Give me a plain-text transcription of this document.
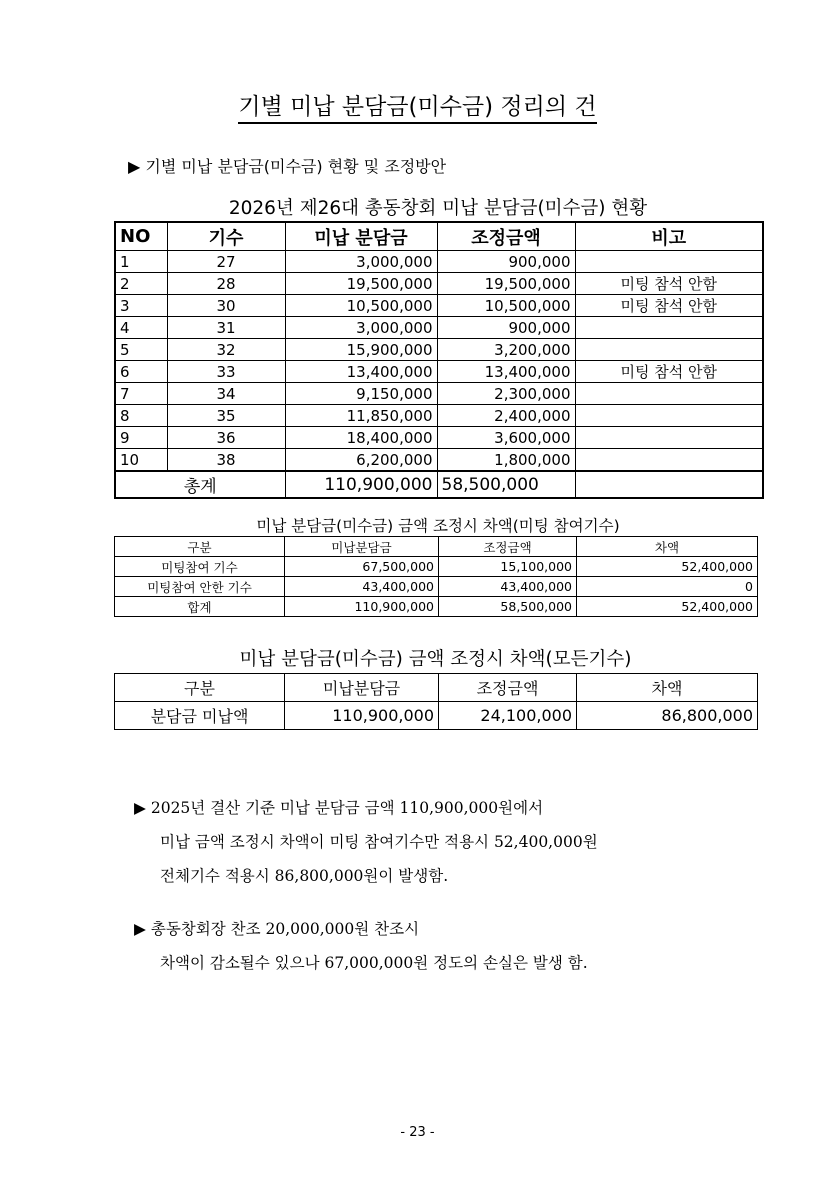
기별 미납 분담금(미수금) 정리의 건
▶ 기별 미납 분담금(미수금) 현황 및 조정방안
2026년 제26대 총동창회 미납 분담금(미수금) 현황
NO	기수	미납 분담금	조정금액	비고
1	27	3,000,000	900,000	
2	28	19,500,000	19,500,000	미팅 참석 안함
3	30	10,500,000	10,500,000	미팅 참석 안함
4	31	3,000,000	900,000	
5	32	15,900,000	3,200,000	
6	33	13,400,000	13,400,000	미팅 참석 안함
7	34	9,150,000	2,300,000	
8	35	11,850,000	2,400,000	
9	36	18,400,000	3,600,000	
10	38	6,200,000	1,800,000	
총계		110,900,000	58,500,000	
미납 분담금(미수금) 금액 조정시 차액(미팅 참여기수)
구분	미납분담금	조정금액	차액
미팅참여 기수	67,500,000	15,100,000	52,400,000
미팅참여 안한 기수	43,400,000	43,400,000	0
합계	110,900,000	58,500,000	52,400,000
미납 분담금(미수금) 금액 조정시 차액(모든기수)
구분	미납분담금	조정금액	차액
분담금 미납액	110,900,000	24,100,000	86,800,000
▶ 2025년 결산 기준 미납 분담금 금액 110,900,000원에서
미납 금액 조정시 차액이 미팅 참여기수만 적용시 52,400,000원
전체기수 적용시 86,800,000원이 발생함.
▶ 총동창회장 찬조 20,000,000원 찬조시
차액이 감소될수 있으나 67,000,000원 정도의 손실은 발생 함.
- 23 -
